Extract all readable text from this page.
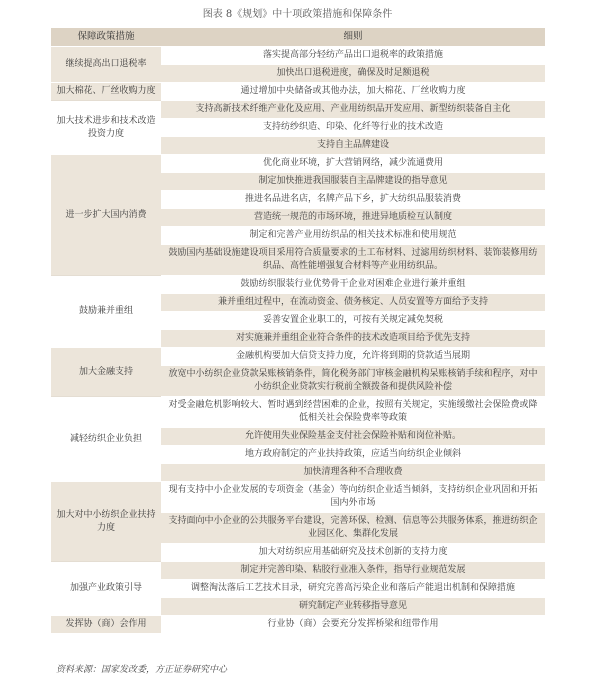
图表 8《规划》中十项政策措施和保障条件
保障政策措施	细则
继续提高出口退税率	落实提高部分轻纺产品出口退税率的政策措施
	加快出口退税进度，确保及时足额退税
加大棉花、厂丝收购力度	通过增加中央储备或其他办法，加大棉花、厂丝收购力度
加大技术进步和技术改造投资力度	支持高新技术纤维产业化及应用、产业用纺织品开发应用、新型纺织装备自主化
	支持纺纱织造、印染、化纤等行业的技术改造
	支持自主品牌建设
进一步扩大国内消费	优化商业环境，扩大营销网络，减少流通费用
	制定加快推进我国服装自主品牌建设的指导意见
	推进名品进名店，名牌产品下乡，扩大纺织品服装消费
	营造统一规范的市场环境，推进异地质检互认制度
	制定和完善产业用纺织品的相关技术标准和使用规范
	鼓励国内基础设施建设项目采用符合质量要求的土工布材料、过滤用纺织材料、装饰装修用纺织品、高性能增强复合材料等产业用纺织品。
鼓励兼并重组	鼓励纺织服装行业优势骨干企业对困难企业进行兼并重组
	兼并重组过程中，在流动资金、债务核定、人员安置等方面给予支持
	妥善安置企业职工的，可按有关规定减免契税
	对实施兼并重组企业符合条件的技术改造项目给予优先支持
加大金融支持	金融机构要加大信贷支持力度，允许将到期的贷款适当展期
	放宽中小纺织企业贷款呆账核销条件，简化税务部门审核金融机构呆账核销手续和程序，对中小纺织企业贷款实行税前全额拨备和提供风险补偿
减轻纺织企业负担	对受金融危机影响较大、暂时遇到经营困难的企业，按照有关规定，实施缓缴社会保险费或降低相关社会保险费率等政策
	允许使用失业保险基金支付社会保险补贴和岗位补贴。
	地方政府制定的产业扶持政策，应适当向纺织企业倾斜
	加快清理各种不合理收费
加大对中小纺织企业扶持力度	现有支持中小企业发展的专项资金（基金）等向纺织企业适当倾斜，支持纺织企业巩固和开拓国内外市场
	支持面向中小企业的公共服务平台建设，完善环保、检测、信息等公共服务体系，推进纺织企业园区化、集群化发展
	加大对纺织应用基础研究及技术创新的支持力度
加强产业政策引导	制定并完善印染、粘胶行业准入条件，指导行业规范发展
	调整淘汰落后工艺技术目录，研究完善高污染企业和落后产能退出机制和保障措施
	研究制定产业转移指导意见
发挥协（商）会作用	行业协（商）会要充分发挥桥梁和纽带作用
资料来源：国家发改委，方正证券研究中心
